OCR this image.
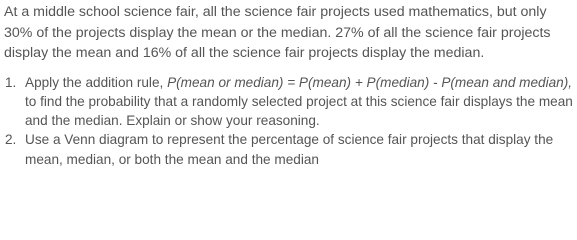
At a middle school science fair, all the science fair projects used mathematics, but only 30% of the projects display the mean or the median. 27% of all the science fair projects display the mean and 16% of all the science fair projects display the median.

1. Apply the addition rule, P(mean or median) = P(mean) + P(median) - P(mean and median), to find the probability that a randomly selected project at this science fair displays the mean and the median. Explain or show your reasoning.
2. Use a Venn diagram to represent the percentage of science fair projects that display the mean, median, or both the mean and the median
